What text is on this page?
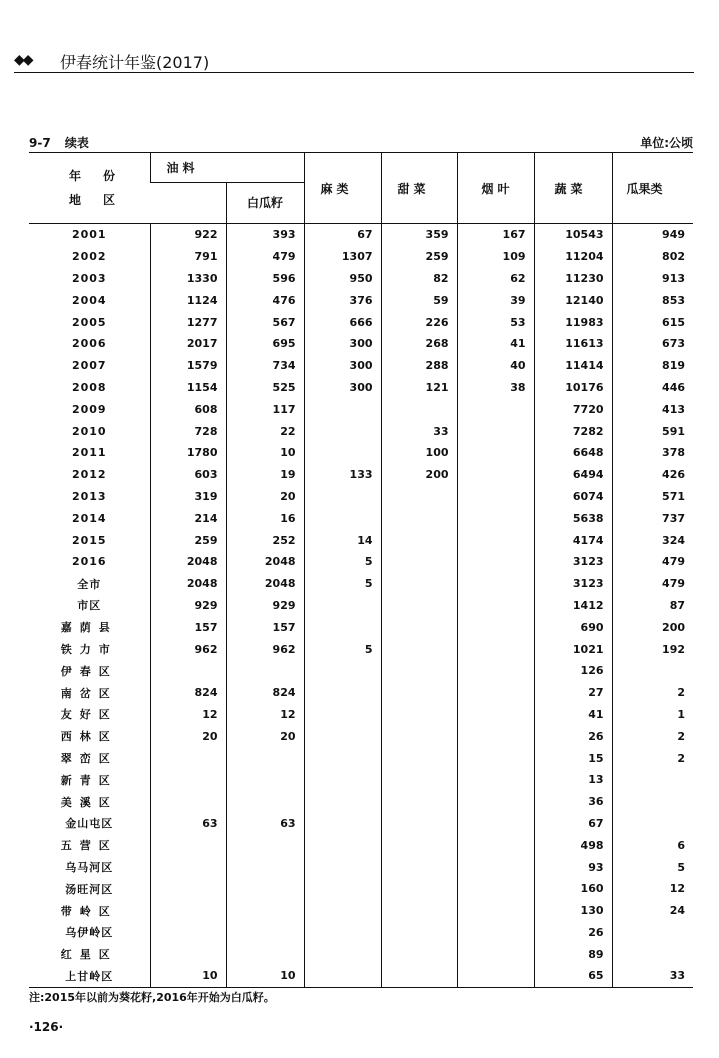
◆◆ 伊春统计年鉴(2017)
9-7 续表	单位:公顷
年份
地区	油料		麻类	甜菜	烟叶	蔬菜	瓜果类
		白瓜籽					
2001	922	393	67	359	167	10543	949
2002	791	479	1307	259	109	11204	802
2003	1330	596	950	82	62	11230	913
2004	1124	476	376	59	39	12140	853
2005	1277	567	666	226	53	11983	615
2006	2017	695	300	268	41	11613	673
2007	1579	734	300	288	40	11414	819
2008	1154	525	300	121	38	10176	446
2009	608	117				7720	413
2010	728	22		33		7282	591
2011	1780	10		100		6648	378
2012	603	19	133	200		6494	426
2013	319	20				6074	571
2014	214	16				5638	737
2015	259	252	14			4174	324
2016	2048	2048	5			3123	479
全市	2048	2048	5			3123	479
市区	929	929				1412	87
嘉荫县	157	157				690	200
铁力市	962	962	5			1021	192
伊春区						126	
南岔区	824	824				27	2
友好区	12	12				41	1
西林区	20	20				26	2
翠峦区						15	2
新青区						13	
美溪区						36	
金山屯区	63	63				67	
五营区						498	6
乌马河区						93	5
汤旺河区						160	12
带岭区						130	24
乌伊岭区						26	
红星区						89	
上甘岭区	10	10				65	33
注:2015年以前为葵花籽,2016年开始为白瓜籽。
·126·
